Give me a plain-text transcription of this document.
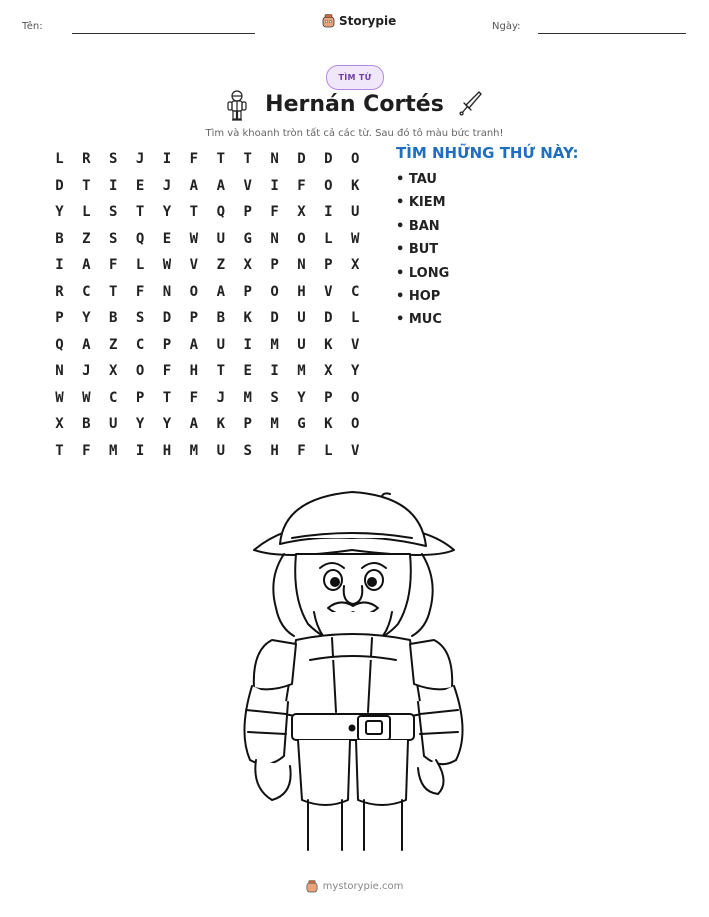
Tên:	Storypie	Ngày:
TÌM TỪ
Hernán Cortés
Tìm và khoanh tròn tất cả các từ. Sau đó tô màu bức tranh!
L	R	S	J	I	F	T	T	N	D	D	O
D	T	I	E	J	A	A	V	I	F	O	K
Y	L	S	T	Y	T	Q	P	F	X	I	U
B	Z	S	Q	E	W	U	G	N	O	L	W
I	A	F	L	W	V	Z	X	P	N	P	X
R	C	T	F	N	O	A	P	O	H	V	C
P	Y	B	S	D	P	B	K	D	U	D	L
Q	A	Z	C	P	A	U	I	M	U	K	V
N	J	X	O	F	H	T	E	I	M	X	Y
W	W	C	P	T	F	J	M	S	Y	P	O
X	B	U	Y	Y	A	K	P	M	G	K	O
T	F	M	I	H	M	U	S	H	F	L	V
TÌM NHỮNG THỨ NÀY:
• TAU
• KIEM
• BAN
• BUT
• LONG
• HOP
• MUC
mystorypie.com
